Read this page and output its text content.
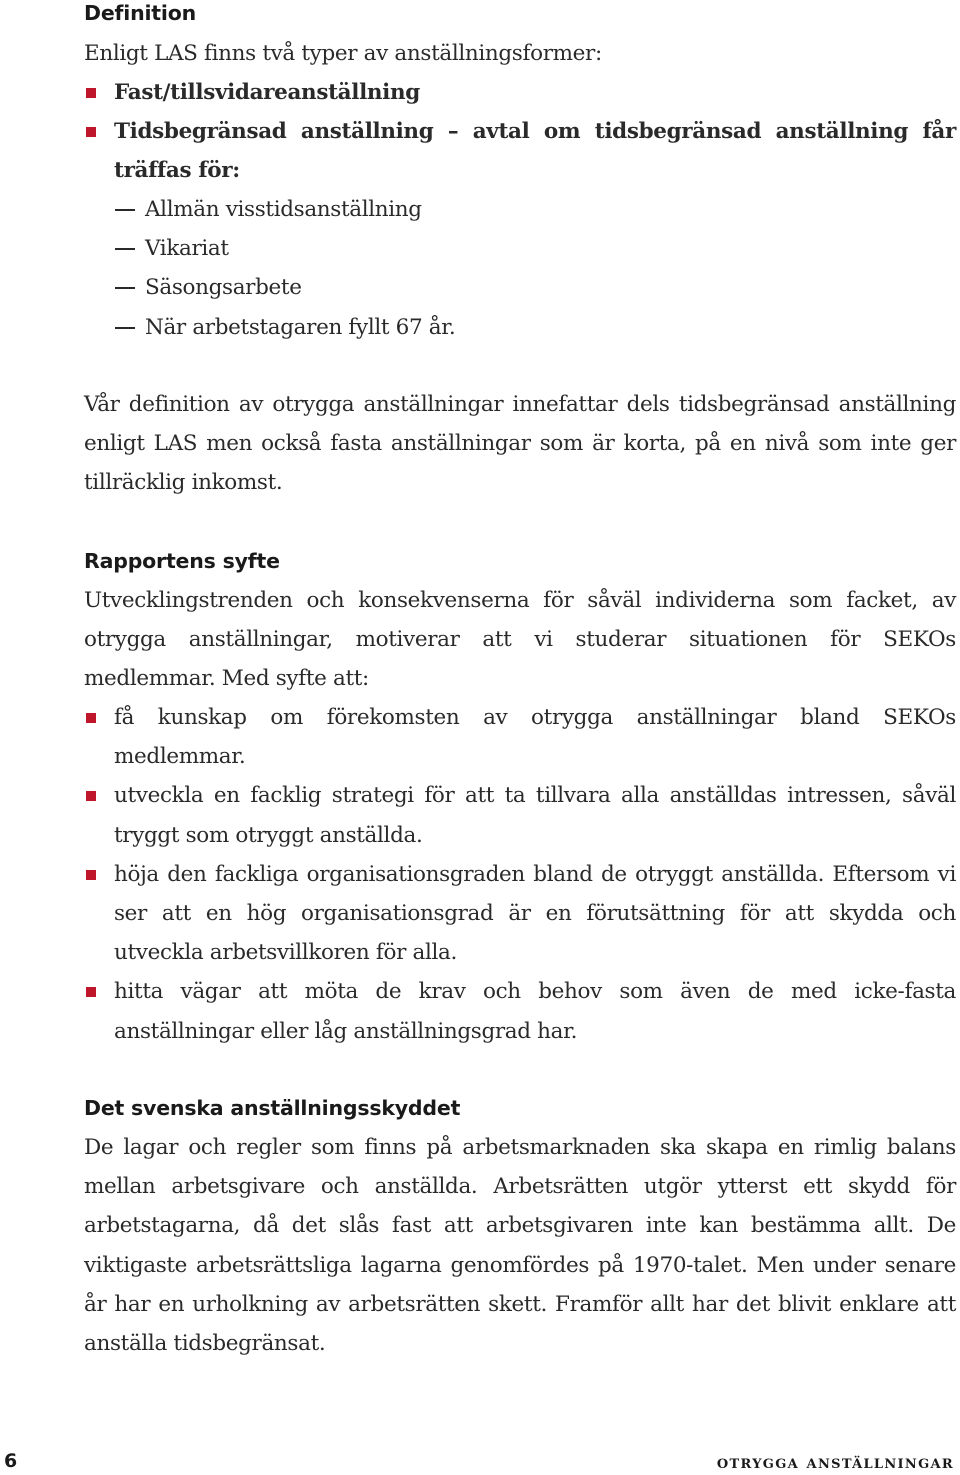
Definition

Enligt LAS finns två typer av anställningsformer:

Fast/tillsvidareanställning
Tidsbegränsad anställning – avtal om tidsbegränsad anställning får träffas för:
Allmän visstidsanställning
Vikariat
Säsongsarbete
När arbetstagaren fyllt 67 år.

Vår definition av otrygga anställningar innefattar dels tidsbegränsad anställning enligt LAS men också fasta anställningar som är korta, på en nivå som inte ger tillräcklig inkomst.

Rapportens syfte

Utvecklingstrenden och konsekvenserna för såväl individerna som facket, av otrygga anställningar, motiverar att vi studerar situationen för SEKOs medlemmar. Med syfte att:

få kunskap om förekomsten av otrygga anställningar bland SEKOs medlemmar.
utveckla en facklig strategi för att ta tillvara alla anställdas intressen, såväl tryggt som otryggt anställda.
höja den fackliga organisationsgraden bland de otryggt anställda. Eftersom vi ser att en hög organisationsgrad är en förutsättning för att skydda och utveckla arbetsvillkoren för alla.
hitta vägar att möta de krav och behov som även de med icke-fasta anställningar eller låg anställningsgrad har.
Det svenska anställningsskyddet

De lagar och regler som finns på arbetsmarknaden ska skapa en rimlig balans mellan arbetsgivare och anställda. Arbetsrätten utgör ytterst ett skydd för arbetstagarna, då det slås fast att arbetsgivaren inte kan bestämma allt. De viktigaste arbetsrättsliga lagarna genomfördes på 1970-talet. Men under senare år har en urholkning av arbetsrätten skett. Framför allt har det blivit enklare att anställa tidsbegränsat.

6	otrygga anställningar
